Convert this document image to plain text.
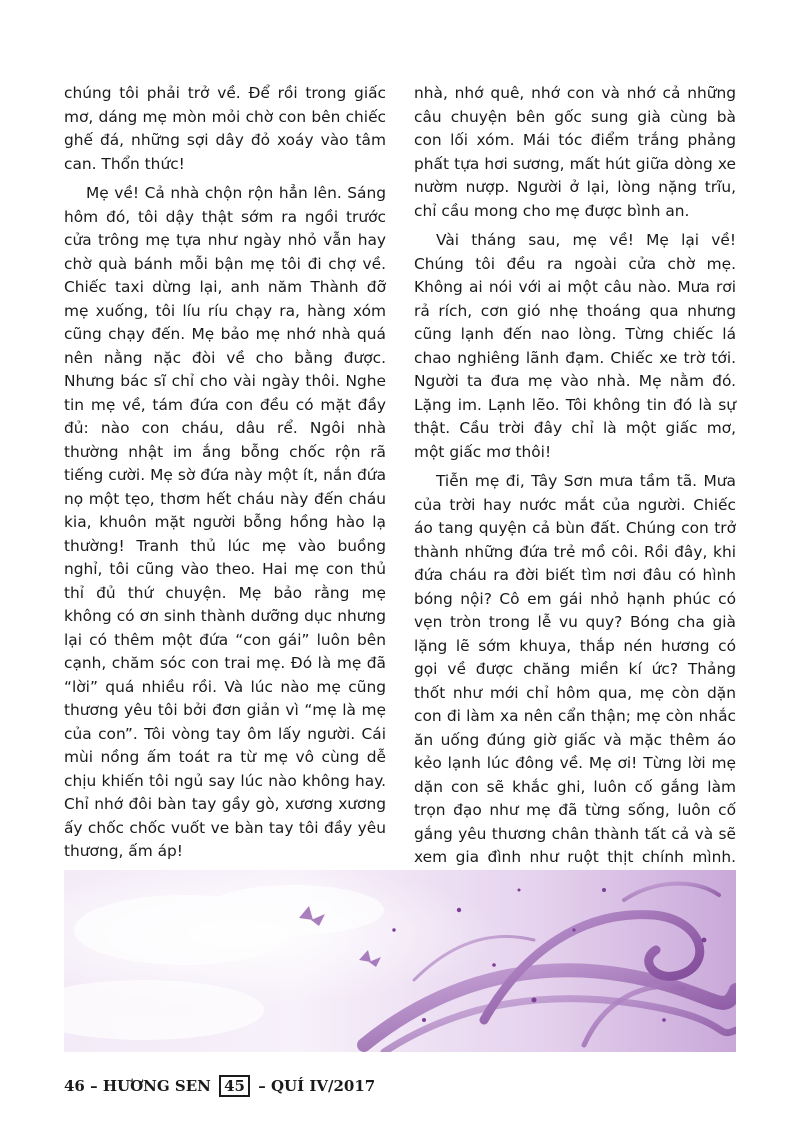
chúng tôi phải trở về. Để rồi trong giấc mơ, dáng mẹ mòn mỏi chờ con bên chiếc ghế đá, những sợi dây đỏ xoáy vào tâm can. Thổn thức!

Mẹ về! Cả nhà chộn rộn hẳn lên. Sáng hôm đó, tôi dậy thật sớm ra ngồi trước cửa trông mẹ tựa như ngày nhỏ vẫn hay chờ quà bánh mỗi bận mẹ tôi đi chợ về. Chiếc taxi dừng lại, anh năm Thành đỡ mẹ xuống, tôi líu ríu chạy ra, hàng xóm cũng chạy đến. Mẹ bảo mẹ nhớ nhà quá nên nằng nặc đòi về cho bằng được. Nhưng bác sĩ chỉ cho vài ngày thôi. Nghe tin mẹ về, tám đứa con đều có mặt đầy đủ: nào con cháu, dâu rể. Ngôi nhà thường nhật im ắng bỗng chốc rộn rã tiếng cười. Mẹ sờ đứa này một ít, nắn đứa nọ một tẹo, thơm hết cháu này đến cháu kia, khuôn mặt người bỗng hồng hào lạ thường! Tranh thủ lúc mẹ vào buồng nghỉ, tôi cũng vào theo. Hai mẹ con thủ thỉ đủ thứ chuyện. Mẹ bảo rằng mẹ không có ơn sinh thành dưỡng dục nhưng lại có thêm một đứa “con gái” luôn bên cạnh, chăm sóc con trai mẹ. Đó là mẹ đã “lời” quá nhiều rồi. Và lúc nào mẹ cũng thương yêu tôi bởi đơn giản vì “mẹ là mẹ của con”. Tôi vòng tay ôm lấy người. Cái mùi nồng ấm toát ra từ mẹ vô cùng dễ chịu khiến tôi ngủ say lúc nào không hay. Chỉ nhớ đôi bàn tay gầy gò, xương xương ấy chốc chốc vuốt ve bàn tay tôi đầy yêu thương, ấm áp!

nhà, nhớ quê, nhớ con và nhớ cả những câu chuyện bên gốc sung già cùng bà con lối xóm. Mái tóc điểm trắng phảng phất tựa hơi sương, mất hút giữa dòng xe nườm nượp. Người ở lại, lòng nặng trĩu, chỉ cầu mong cho mẹ được bình an.

Vài tháng sau, mẹ về! Mẹ lại về! Chúng tôi đều ra ngoài cửa chờ mẹ. Không ai nói với ai một câu nào. Mưa rơi rả rích, cơn gió nhẹ thoáng qua nhưng cũng lạnh đến nao lòng. Từng chiếc lá chao nghiêng lãnh đạm. Chiếc xe trờ tới. Người ta đưa mẹ vào nhà. Mẹ nằm đó. Lặng im. Lạnh lẽo. Tôi không tin đó là sự thật. Cầu trời đây chỉ là một giấc mơ, một giấc mơ thôi!

Tiễn mẹ đi, Tây Sơn mưa tầm tã. Mưa của trời hay nước mắt của người. Chiếc áo tang quyện cả bùn đất. Chúng con trở thành những đứa trẻ mồ côi. Rồi đây, khi đứa cháu ra đời biết tìm nơi đâu có hình bóng nội? Cô em gái nhỏ hạnh phúc có vẹn tròn trong lễ vu quy? Bóng cha già lặng lẽ sớm khuya, thắp nén hương có gọi về được chăng miền kí ức? Thảng thốt như mới chỉ hôm qua, mẹ còn dặn con đi làm xa nên cẩn thận; mẹ còn nhắc ăn uống đúng giờ giấc và mặc thêm áo kẻo lạnh lúc đông về. Mẹ ơi! Từng lời mẹ dặn con sẽ khắc ghi, luôn cố gắng làm trọn đạo như mẹ đã từng sống, luôn cố gắng yêu thương chân thành tất cả và sẽ xem gia đình như ruột thịt chính mình.

46 – HƯƠNG SEN 45 – QUÍ IV/2017
